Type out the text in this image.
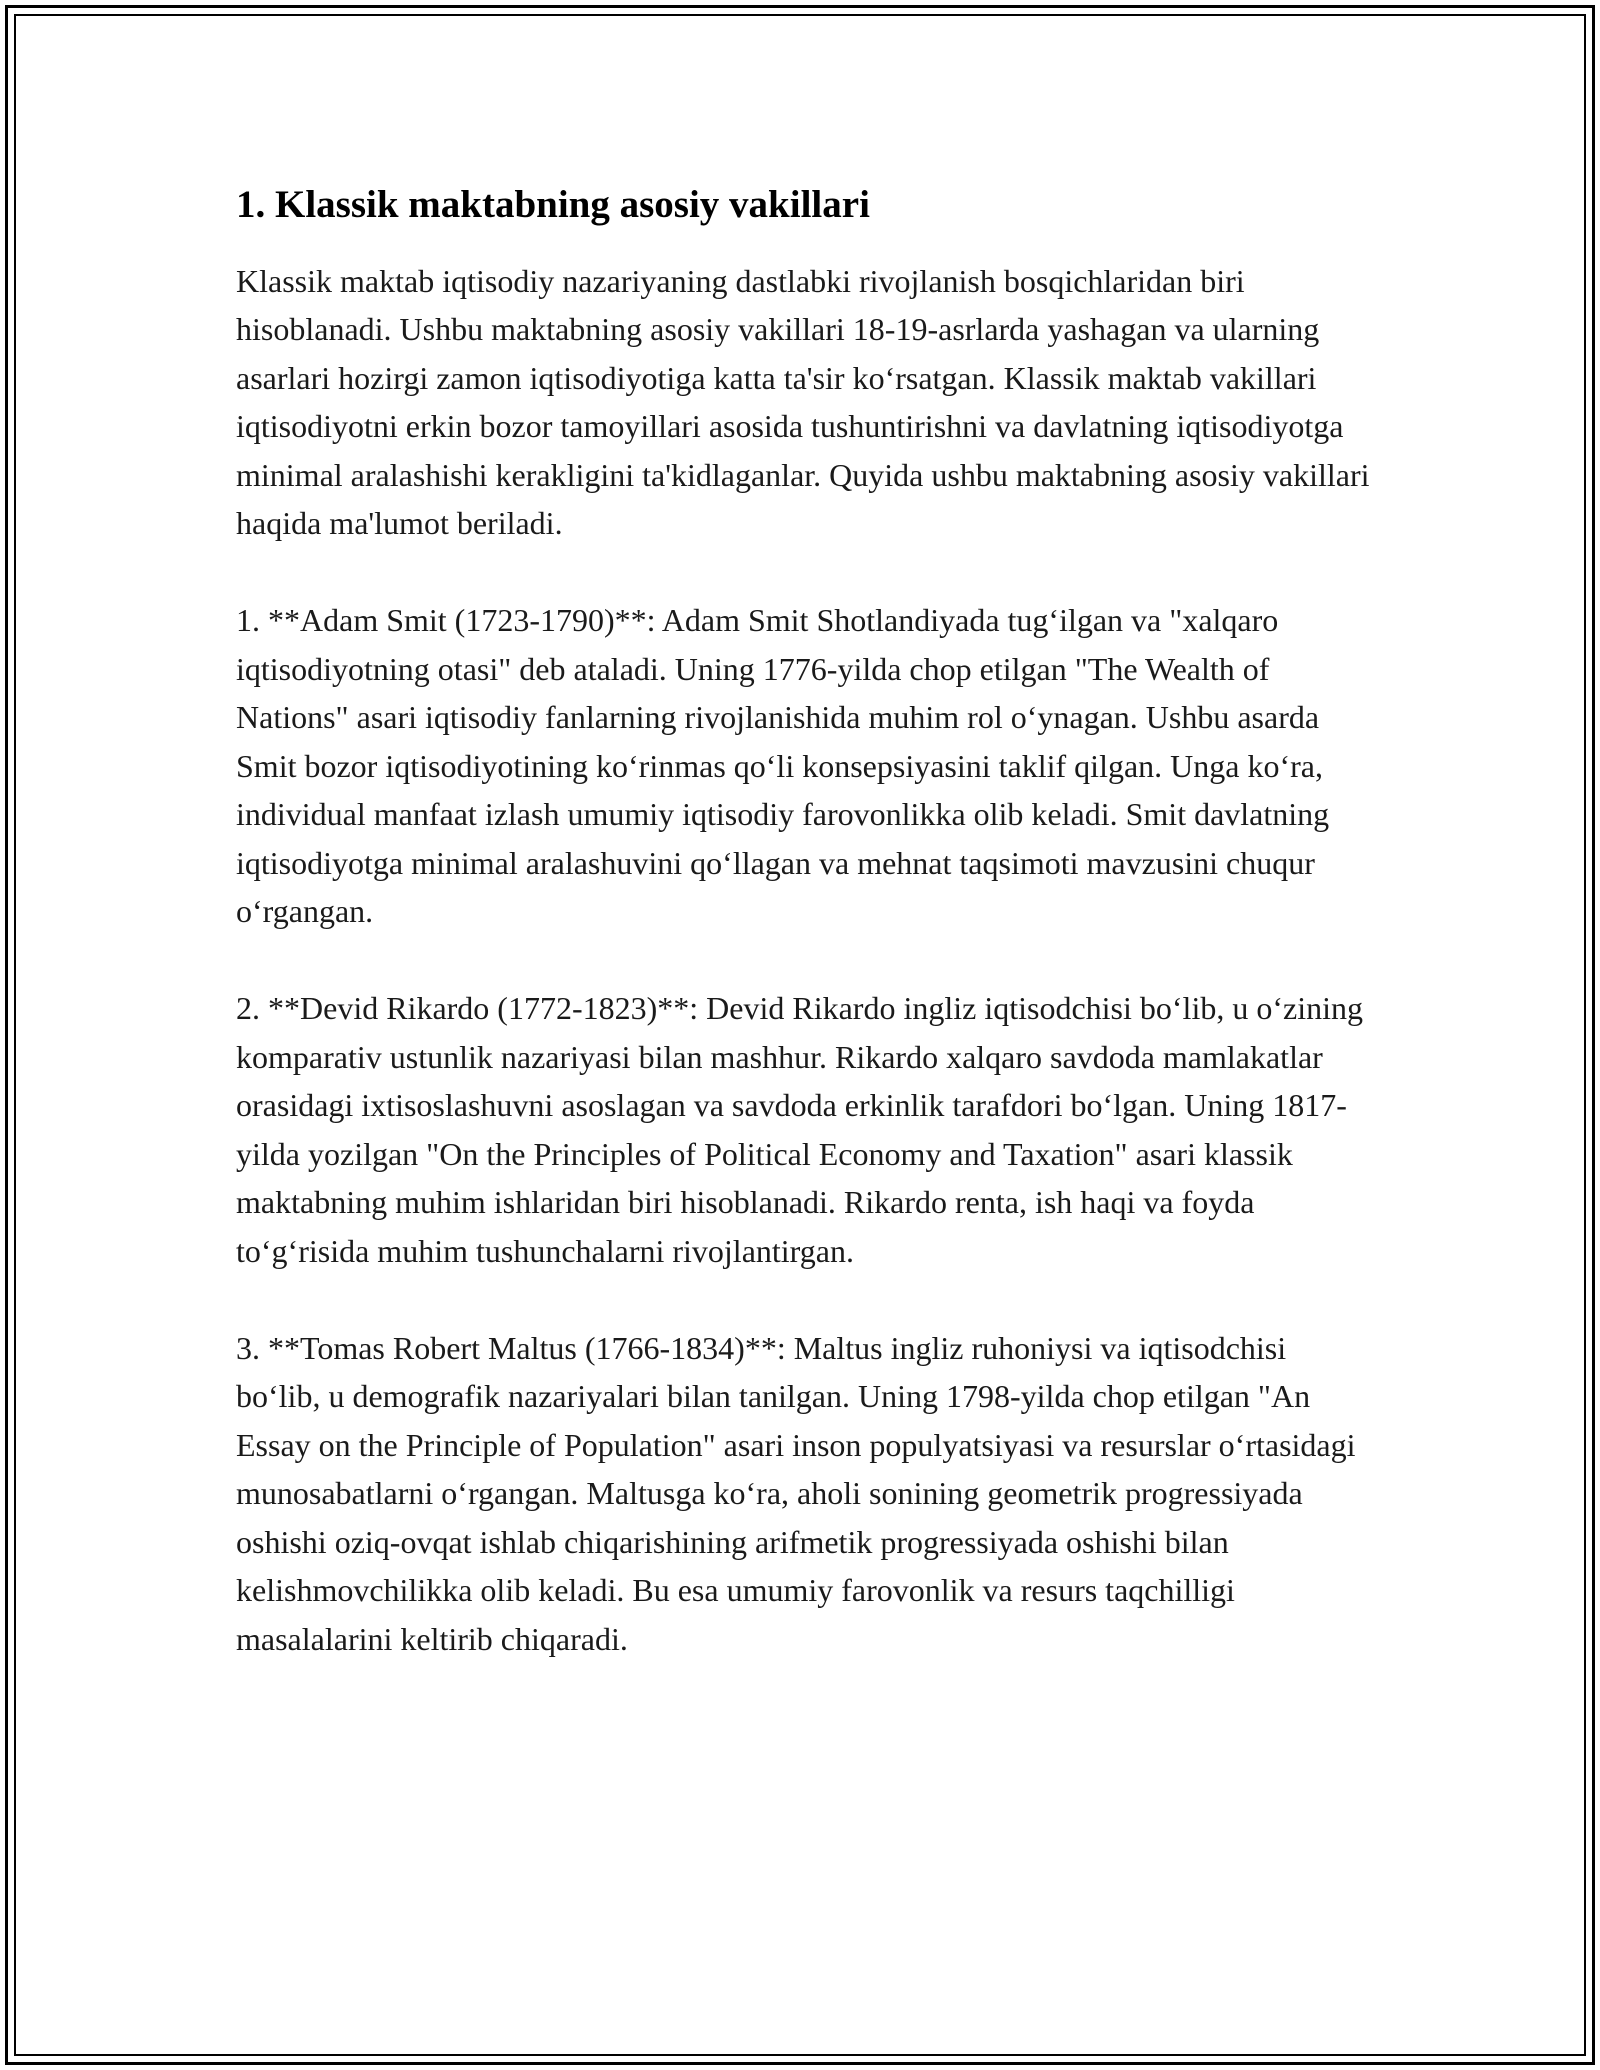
1. Klassik maktabning asosiy vakillari

Klassik maktab iqtisodiy nazariyaning dastlabki rivojlanish bosqichlaridan biri hisoblanadi. Ushbu maktabning asosiy vakillari 18-19-asrlarda yashagan va ularning asarlari hozirgi zamon iqtisodiyotiga katta ta'sir ko‘rsatgan. Klassik maktab vakillari iqtisodiyotni erkin bozor tamoyillari asosida tushuntirishni va davlatning iqtisodiyotga minimal aralashishi kerakligini ta'kidlaganlar. Quyida ushbu maktabning asosiy vakillari haqida ma'lumot beriladi.

1. **Adam Smit (1723-1790)**: Adam Smit Shotlandiyada tug‘ilgan va "xalqaro iqtisodiyotning otasi" deb ataladi. Uning 1776-yilda chop etilgan "The Wealth of Nations" asari iqtisodiy fanlarning rivojlanishida muhim rol o‘ynagan. Ushbu asarda Smit bozor iqtisodiyotining ko‘rinmas qo‘li konsepsiyasini taklif qilgan. Unga ko‘ra, individual manfaat izlash umumiy iqtisodiy farovonlikka olib keladi. Smit davlatning iqtisodiyotga minimal aralashuvini qo‘llagan va mehnat taqsimoti mavzusini chuqur o‘rgangan.

2. **Devid Rikardo (1772-1823)**: Devid Rikardo ingliz iqtisodchisi bo‘lib, u o‘zining komparativ ustunlik nazariyasi bilan mashhur. Rikardo xalqaro savdoda mamlakatlar orasidagi ixtisoslashuvni asoslagan va savdoda erkinlik tarafdori bo‘lgan. Uning 1817-yilda yozilgan "On the Principles of Political Economy and Taxation" asari klassik maktabning muhim ishlaridan biri hisoblanadi. Rikardo renta, ish haqi va foyda to‘g‘risida muhim tushunchalarni rivojlantirgan.

3. **Tomas Robert Maltus (1766-1834)**: Maltus ingliz ruhoniysi va iqtisodchisi bo‘lib, u demografik nazariyalari bilan tanilgan. Uning 1798-yilda chop etilgan "An Essay on the Principle of Population" asari inson populyatsiyasi va resurslar o‘rtasidagi munosabatlarni o‘rgangan. Maltusga ko‘ra, aholi sonining geometrik progressiyada oshishi oziq-ovqat ishlab chiqarishining arifmetik progressiyada oshishi bilan kelishmovchilikka olib keladi. Bu esa umumiy farovonlik va resurs taqchilligi masalalarini keltirib chiqaradi.
